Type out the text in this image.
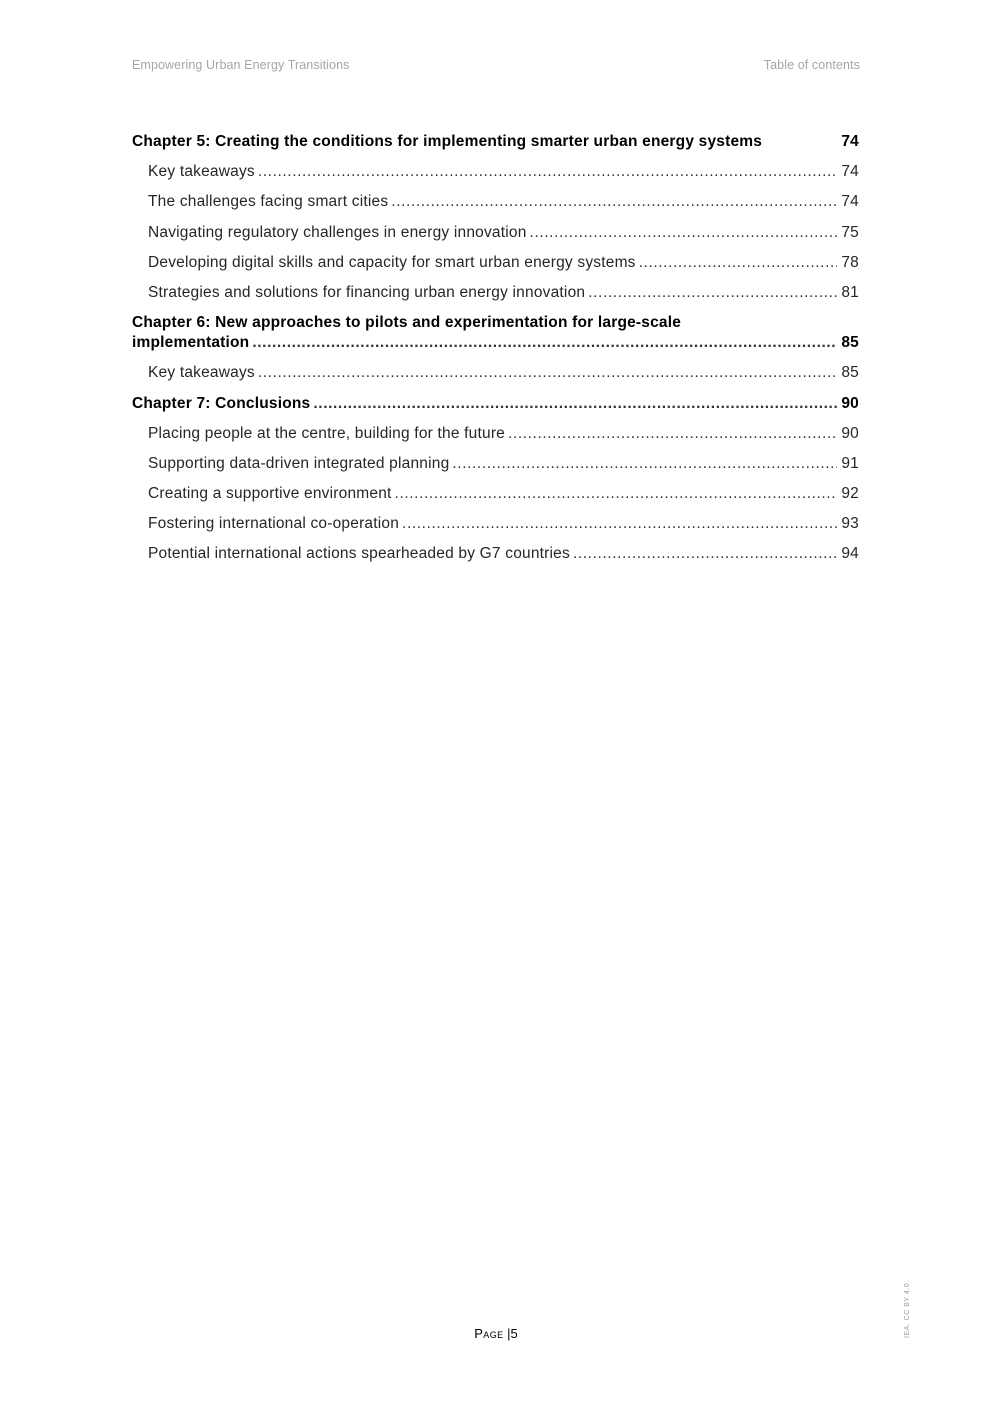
Empowering Urban Energy Transitions	Table of contents
Chapter 5: Creating the conditions for implementing smarter urban energy systems	74
Key takeaways .....	74
The challenges facing smart cities .....	74
Navigating regulatory challenges in energy innovation .....	75
Developing digital skills and capacity for smart urban energy systems .....	78
Strategies and solutions for financing urban energy innovation .....	81
Chapter 6: New approaches to pilots and experimentation for large-scale
implementation .....	85
Key takeaways .....	85
Chapter 7: Conclusions .....	90
Placing people at the centre, building for the future .....	90
Supporting data-driven integrated planning .....	91
Creating a supportive environment .....	92
Fostering international co-operation .....	93
Potential international actions spearheaded by G7 countries .....	94
Page |5	IEA. CC BY 4.0.
